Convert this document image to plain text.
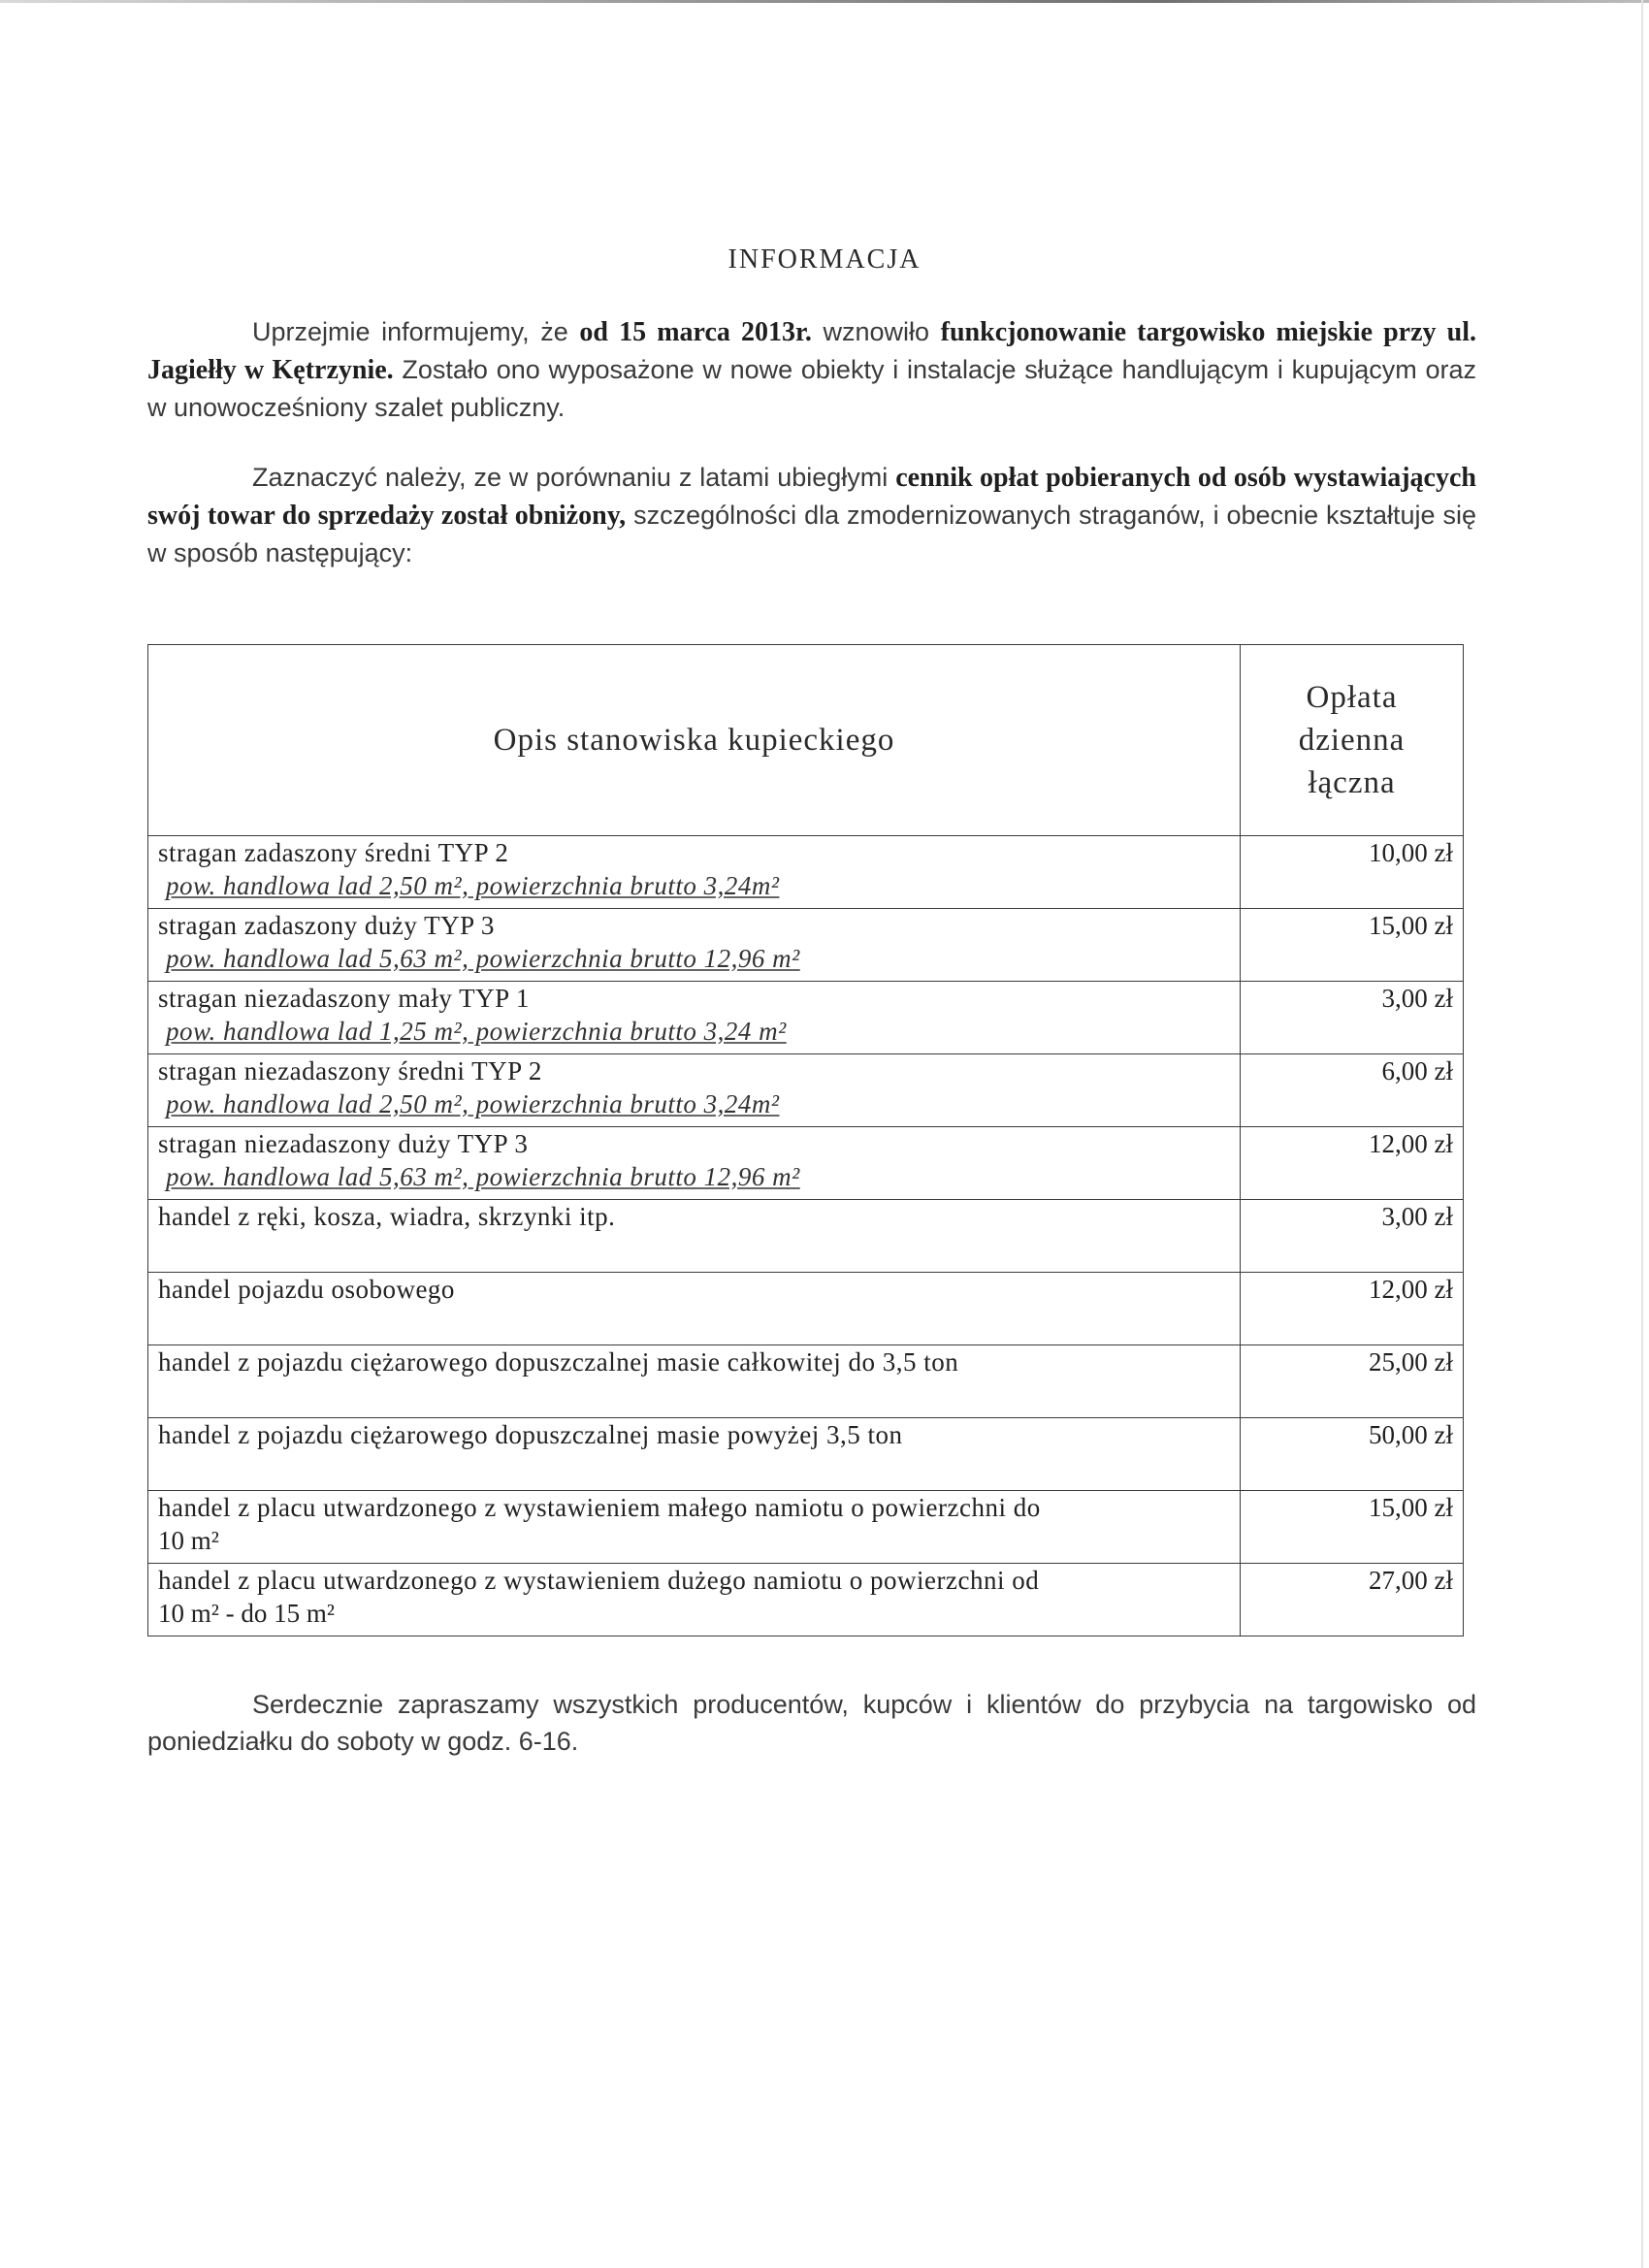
INFORMACJA
Uprzejmie informujemy, że od 15 marca 2013r. wznowiło funkcjonowanie targowisko miejskie przy ul. Jagiełły w Kętrzynie. Zostało ono wyposażone w nowe obiekty i instalacje służące handlującym i kupującym oraz w unowocześniony szalet publiczny.
Zaznaczyć należy, ze w porównaniu z latami ubiegłymi cennik opłat pobieranych od osób wystawiających swój towar do sprzedaży został obniżony, szczególności dla zmodernizowanych straganów, i obecnie kształtuje się w sposób następujący:
Opis stanowiska kupieckiego	Opłata
dzienna
łączna

stragan zadaszony średni TYP 2
pow. handlowa lad 2,50 m², powierzchnia brutto 3,24m²	10,00 zł

stragan zadaszony duży TYP 3
pow. handlowa lad 5,63 m², powierzchnia brutto 12,96 m²	15,00 zł

stragan niezadaszony mały TYP 1
pow. handlowa lad 1,25 m², powierzchnia brutto 3,24 m²	3,00 zł

stragan niezadaszony średni TYP 2
pow. handlowa lad 2,50 m², powierzchnia brutto 3,24m²	6,00 zł

stragan niezadaszony duży TYP 3
pow. handlowa lad 5,63 m², powierzchnia brutto 12,96 m²	12,00 zł

handel z ręki, kosza, wiadra, skrzynki itp.	3,00 zł

handel pojazdu osobowego	12,00 zł

handel z pojazdu ciężarowego dopuszczalnej masie całkowitej do 3,5 ton	25,00 zł

handel z pojazdu ciężarowego dopuszczalnej masie powyżej 3,5 ton	50,00 zł

handel z placu utwardzonego z wystawieniem małego namiotu o powierzchni do
10 m²	15,00 zł

handel z placu utwardzonego z wystawieniem dużego namiotu o powierzchni od
10 m² - do 15 m²	27,00 zł
Serdecznie zapraszamy wszystkich producentów, kupców i klientów do przybycia na targowisko od poniedziałku do soboty w godz. 6-16.
